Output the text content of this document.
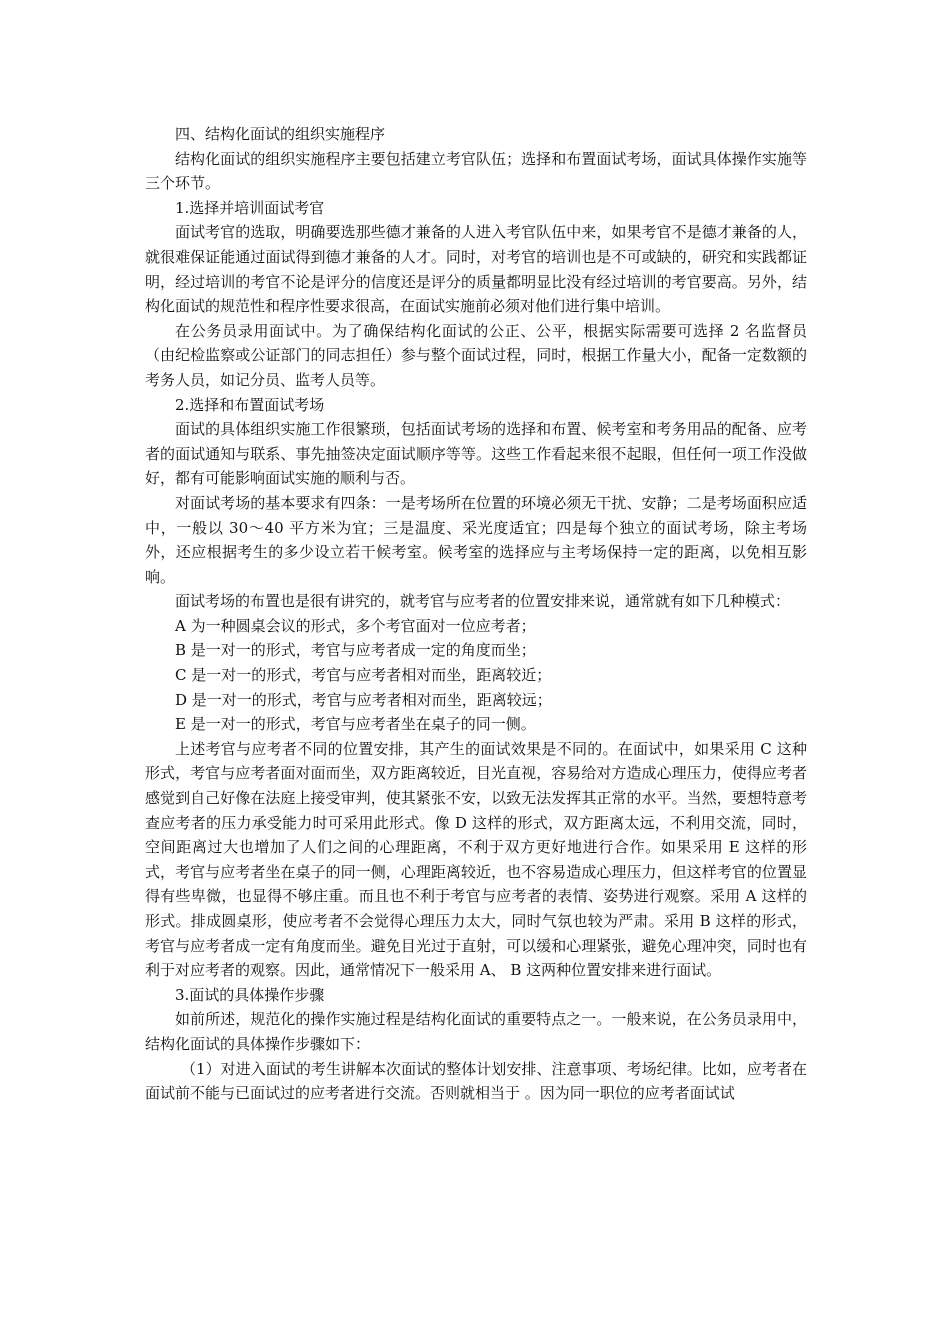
四、结构化面试的组织实施程序

结构化面试的组织实施程序主要包括建立考官队伍；选择和布置面试考场，面试具体操作实施等三个环节。

1.选择并培训面试考官

面试考官的选取，明确要选那些德才兼备的人进入考官队伍中来，如果考官不是德才兼备的人，就很难保证能通过面试得到德才兼备的人才。同时，对考官的培训也是不可或缺的，研究和实践都证明，经过培训的考官不论是评分的信度还是评分的质量都明显比没有经过培训的考官要高。另外，结构化面试的规范性和程序性要求很高，在面试实施前必须对他们进行集中培训。

在公务员录用面试中。为了确保结构化面试的公正、公平，根据实际需要可选择 2 名监督员（由纪检监察或公证部门的同志担任）参与整个面试过程，同时，根据工作量大小，配备一定数额的考务人员，如记分员、监考人员等。

2.选择和布置面试考场

面试的具体组织实施工作很繁琐，包括面试考场的选择和布置、候考室和考务用品的配备、应考者的面试通知与联系、事先抽签决定面试顺序等等。这些工作看起来很不起眼，但任何一项工作没做好，都有可能影响面试实施的顺利与否。

对面试考场的基本要求有四条：一是考场所在位置的环境必须无干扰、安静；二是考场面积应适中，一般以 30～40 平方米为宜；三是温度、采光度适宜；四是每个独立的面试考场，除主考场外，还应根据考生的多少设立若干候考室。候考室的选择应与主考场保持一定的距离，以免相互影响。

面试考场的布置也是很有讲究的，就考官与应考者的位置安排来说，通常就有如下几种模式：

A 为一种圆桌会议的形式，多个考官面对一位应考者；

B 是一对一的形式，考官与应考者成一定的角度而坐；

C 是一对一的形式，考官与应考者相对而坐，距离较近；

D 是一对一的形式，考官与应考者相对而坐，距离较远；

E 是一对一的形式，考官与应考者坐在桌子的同一侧。

上述考官与应考者不同的位置安排，其产生的面试效果是不同的。在面试中，如果采用 C 这种形式，考官与应考者面对面而坐，双方距离较近，目光直视，容易给对方造成心理压力，使得应考者感觉到自己好像在法庭上接受审判，使其紧张不安，以致无法发挥其正常的水平。当然，要想特意考查应考者的压力承受能力时可采用此形式。像 D 这样的形式，双方距离太远，不利用交流，同时，空间距离过大也增加了人们之间的心理距离，不利于双方更好地进行合作。如果采用 E 这样的形式，考官与应考者坐在桌子的同一侧，心理距离较近，也不容易造成心理压力，但这样考官的位置显得有些卑微，也显得不够庄重。而且也不利于考官与应考者的表情、姿势进行观察。采用 A 这样的形式。排成圆桌形，使应考者不会觉得心理压力太大，同时气氛也较为严肃。采用 B 这样的形式，考官与应考者成一定有角度而坐。避免目光过于直射，可以缓和心理紧张，避免心理冲突，同时也有利于对应考者的观察。因此，通常情况下一般采用 A、 B 这两种位置安排来进行面试。

3.面试的具体操作步骤

如前所述，规范化的操作实施过程是结构化面试的重要特点之一。一般来说，在公务员录用中，结构化面试的具体操作步骤如下：

（1）对进入面试的考生讲解本次面试的整体计划安排、注意事项、考场纪律。比如，应考者在面试前不能与已面试过的应考者进行交流。否则就相当于 。因为同一职位的应考者面试试
